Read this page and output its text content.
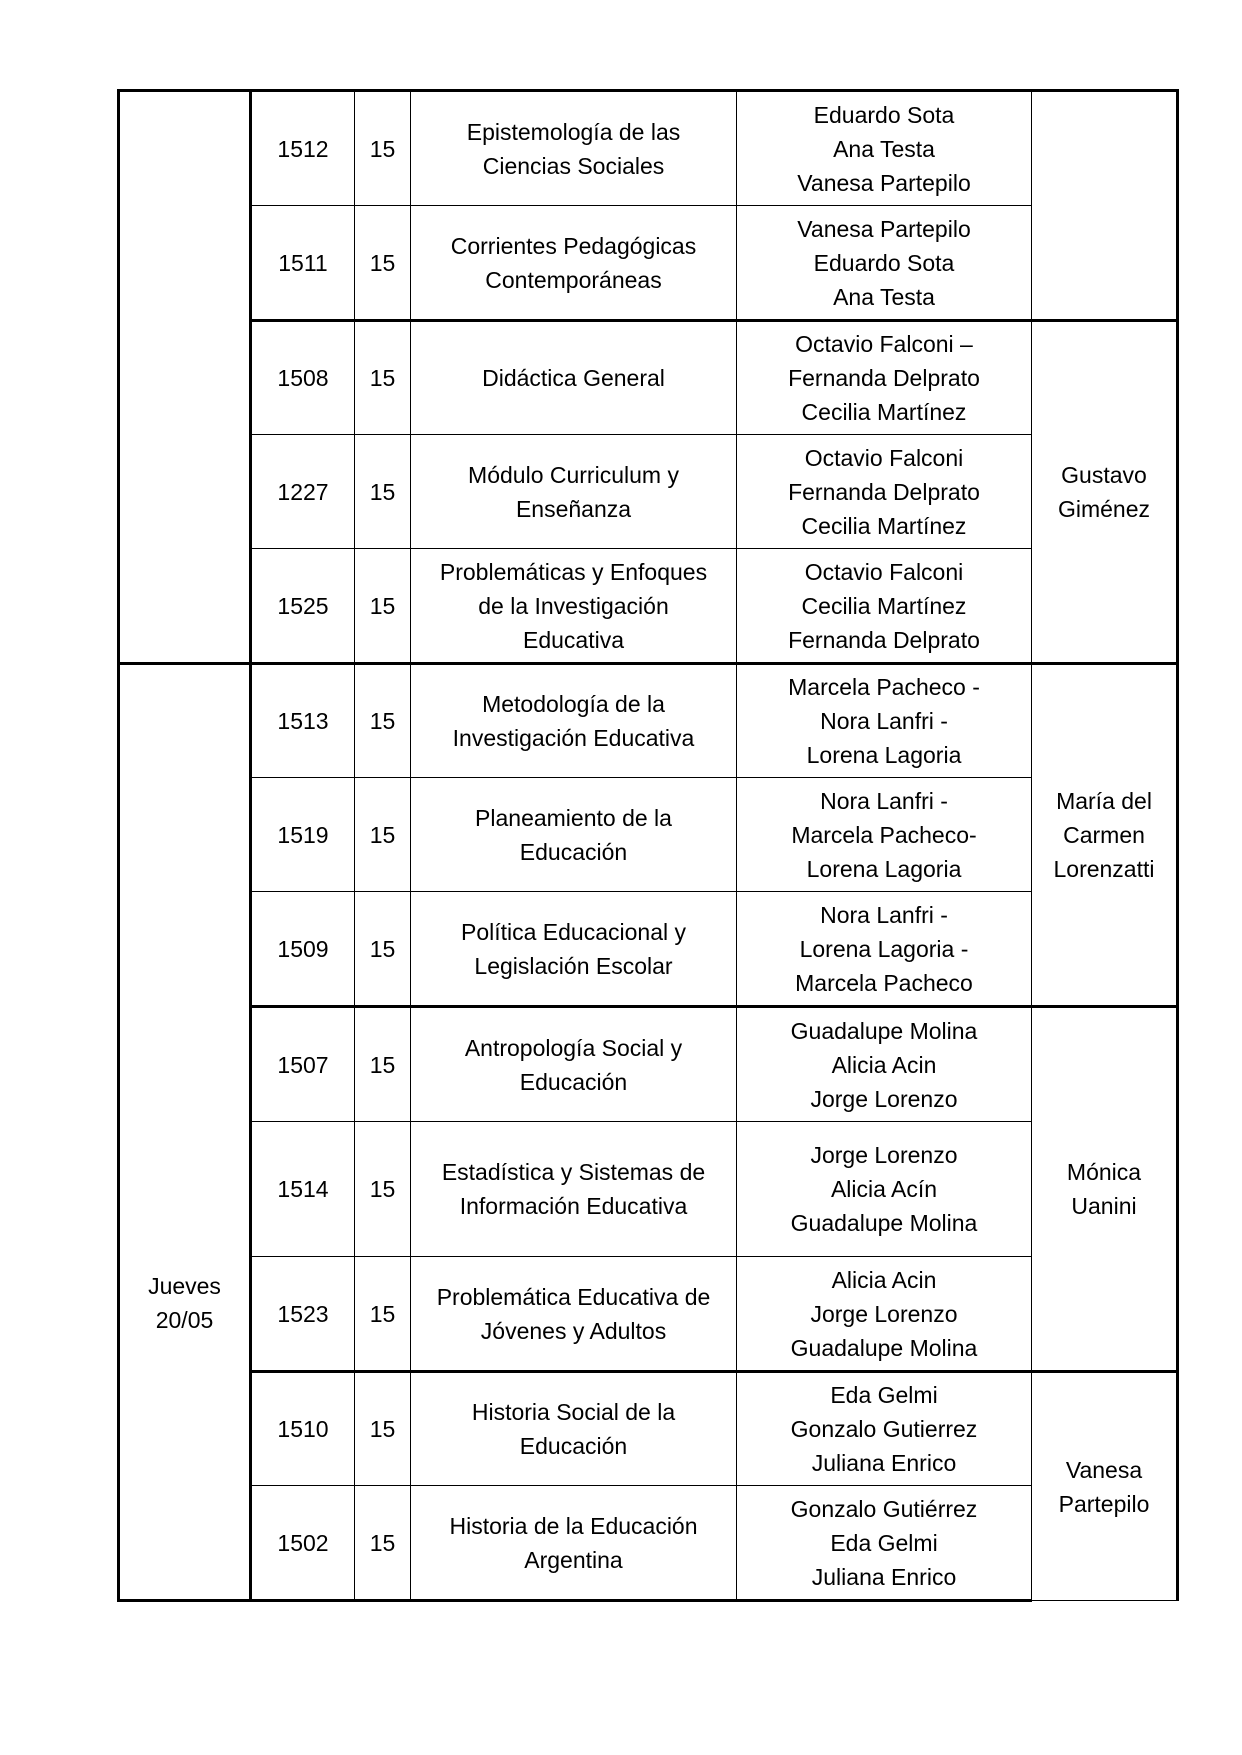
	1512	15	Epistemología de las
Ciencias Sociales	Eduardo Sota
Ana Testa
Vanesa Partepilo	

	1511	15	Corrientes Pedagógicas
Contemporáneas	Vanesa Partepilo
Eduardo Sota
Ana Testa	

	1508	15	Didáctica General	Octavio Falconi –
Fernanda Delprato
Cecilia Martínez	Gustavo
Giménez

	1227	15	Módulo Curriculum y
Enseñanza	Octavio Falconi
Fernanda Delprato
Cecilia Martínez	

	1525	15	Problemáticas y Enfoques
de la Investigación
Educativa	Octavio Falconi
Cecilia Martínez
Fernanda Delprato	

Jueves
20/05	1513	15	Metodología de la
Investigación Educativa	Marcela Pacheco -
Nora Lanfri -
Lorena Lagoria	María del
Carmen
Lorenzatti

	1519	15	Planeamiento de la
Educación	Nora Lanfri -
Marcela Pacheco-
Lorena Lagoria	

	1509	15	Política Educacional y
Legislación Escolar	Nora Lanfri -
Lorena Lagoria -
Marcela Pacheco	

	1507	15	Antropología Social y
Educación	Guadalupe Molina
Alicia Acin
Jorge Lorenzo	Mónica
Uanini

	1514	15	Estadística y Sistemas de
Información Educativa	Jorge Lorenzo
Alicia Acín
Guadalupe Molina	

	1523	15	Problemática Educativa de
Jóvenes y Adultos	Alicia Acin
Jorge Lorenzo
Guadalupe Molina	

	1510	15	Historia Social de la
Educación	Eda Gelmi
Gonzalo Gutierrez
Juliana Enrico	Vanesa
Partepilo

	1502	15	Historia de la Educación
Argentina	Gonzalo Gutiérrez
Eda Gelmi
Juliana Enrico	
